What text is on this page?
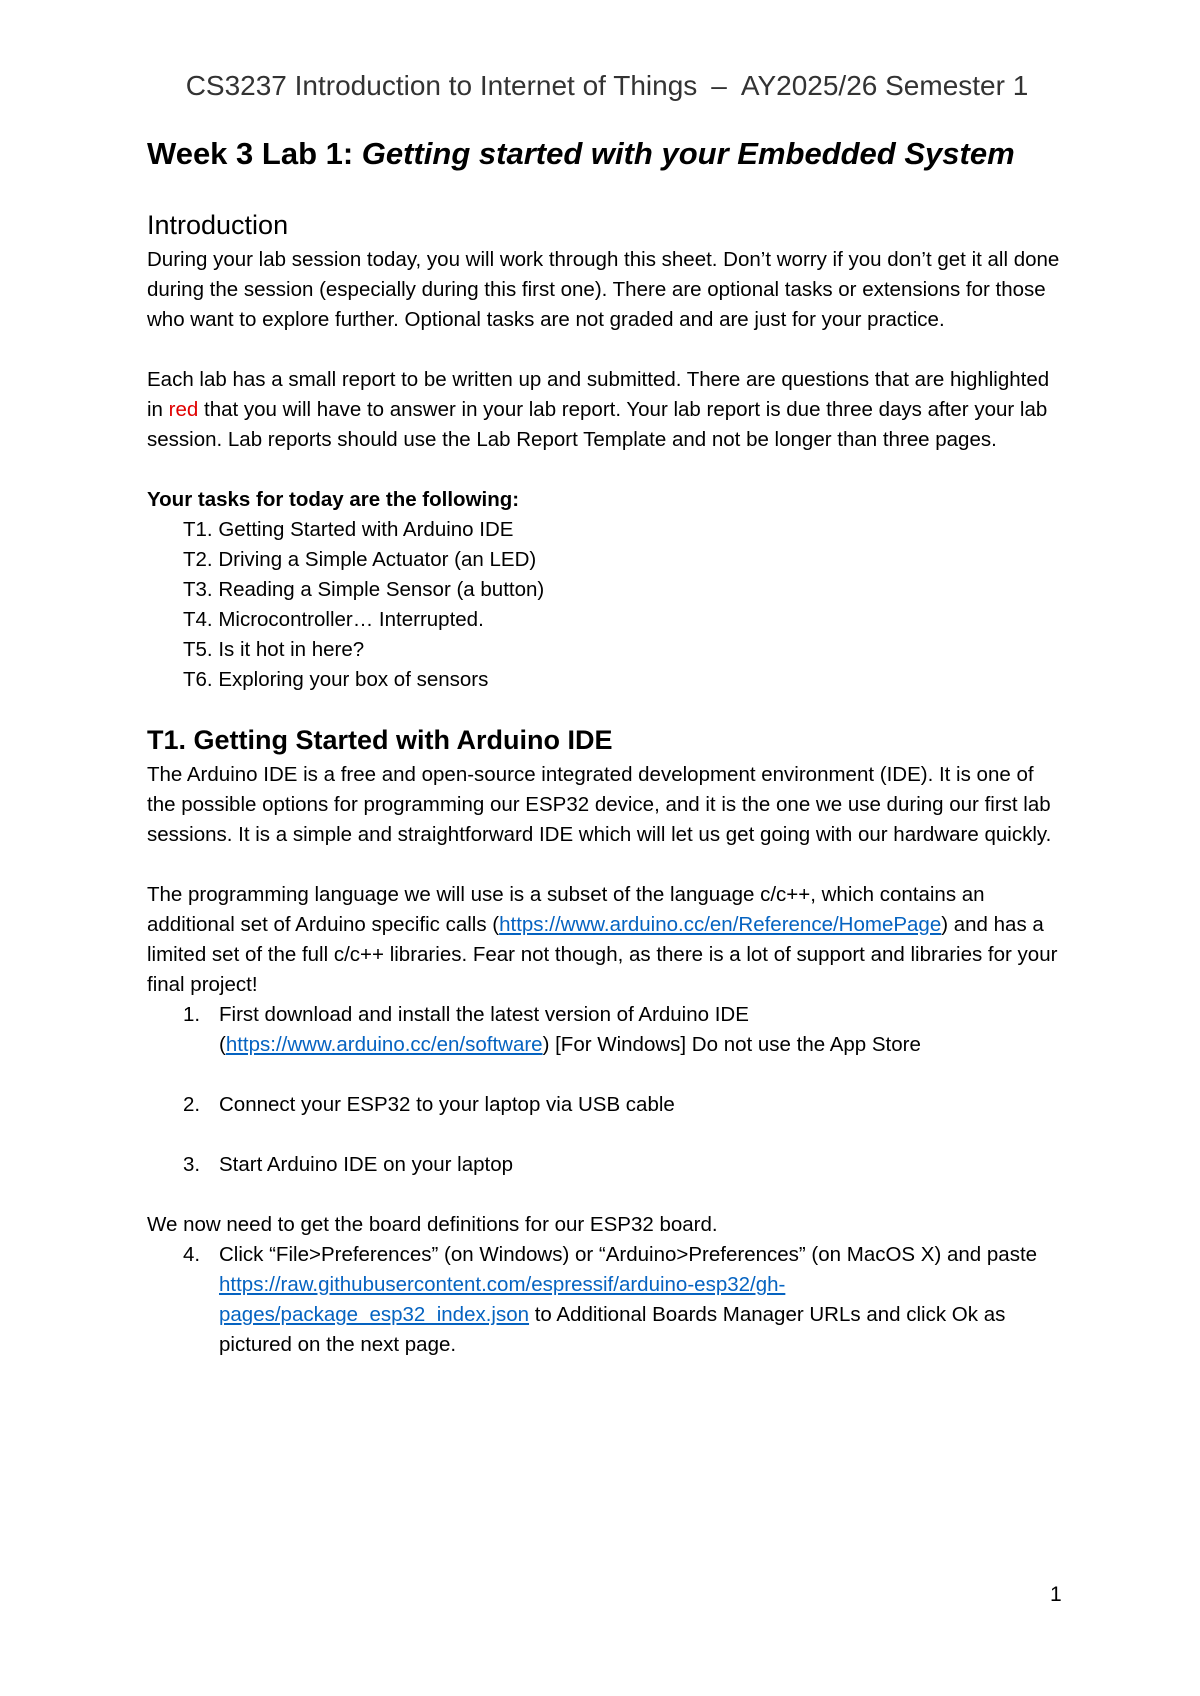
CS3237 Introduction to Internet of Things – AY2025/26 Semester 1
Week 3 Lab 1: Getting started with your Embedded System
Introduction

During your lab session today, you will work through this sheet. Don’t worry if you don’t get it all done during the session (especially during this first one). There are optional tasks or extensions for those who want to explore further. Optional tasks are not graded and are just for your practice.

Each lab has a small report to be written up and submitted. There are questions that are highlighted in red that you will have to answer in your lab report. Your lab report is due three days after your lab session. Lab reports should use the Lab Report Template and not be longer than three pages.

Your tasks for today are the following:
T1. Getting Started with Arduino IDE
T2. Driving a Simple Actuator (an LED)
T3. Reading a Simple Sensor (a button)
T4. Microcontroller… Interrupted.
T5. Is it hot in here?
T6. Exploring your box of sensors
T1. Getting Started with Arduino IDE

The Arduino IDE is a free and open-source integrated development environment (IDE). It is one of the possible options for programming our ESP32 device, and it is the one we use during our first lab sessions. It is a simple and straightforward IDE which will let us get going with our hardware quickly.

The programming language we will use is a subset of the language c/c++, which contains an additional set of Arduino specific calls (https://www.arduino.cc/en/Reference/HomePage) and has a limited set of the full c/c++ libraries. Fear not though, as there is a lot of support and libraries for your final project!

1. First download and install the latest version of Arduino IDE (https://www.arduino.cc/en/software) [For Windows] Do not use the App Store
2. Connect your ESP32 to your laptop via USB cable
3. Start Arduino IDE on your laptop

We now need to get the board definitions for our ESP32 board.

4. Click “File>Preferences” (on Windows) or “Arduino>Preferences” (on MacOS X) and paste https://raw.githubusercontent.com/espressif/arduino-esp32/gh-pages/package_esp32_index.json to Additional Boards Manager URLs and click Ok as pictured on the next page.
1
